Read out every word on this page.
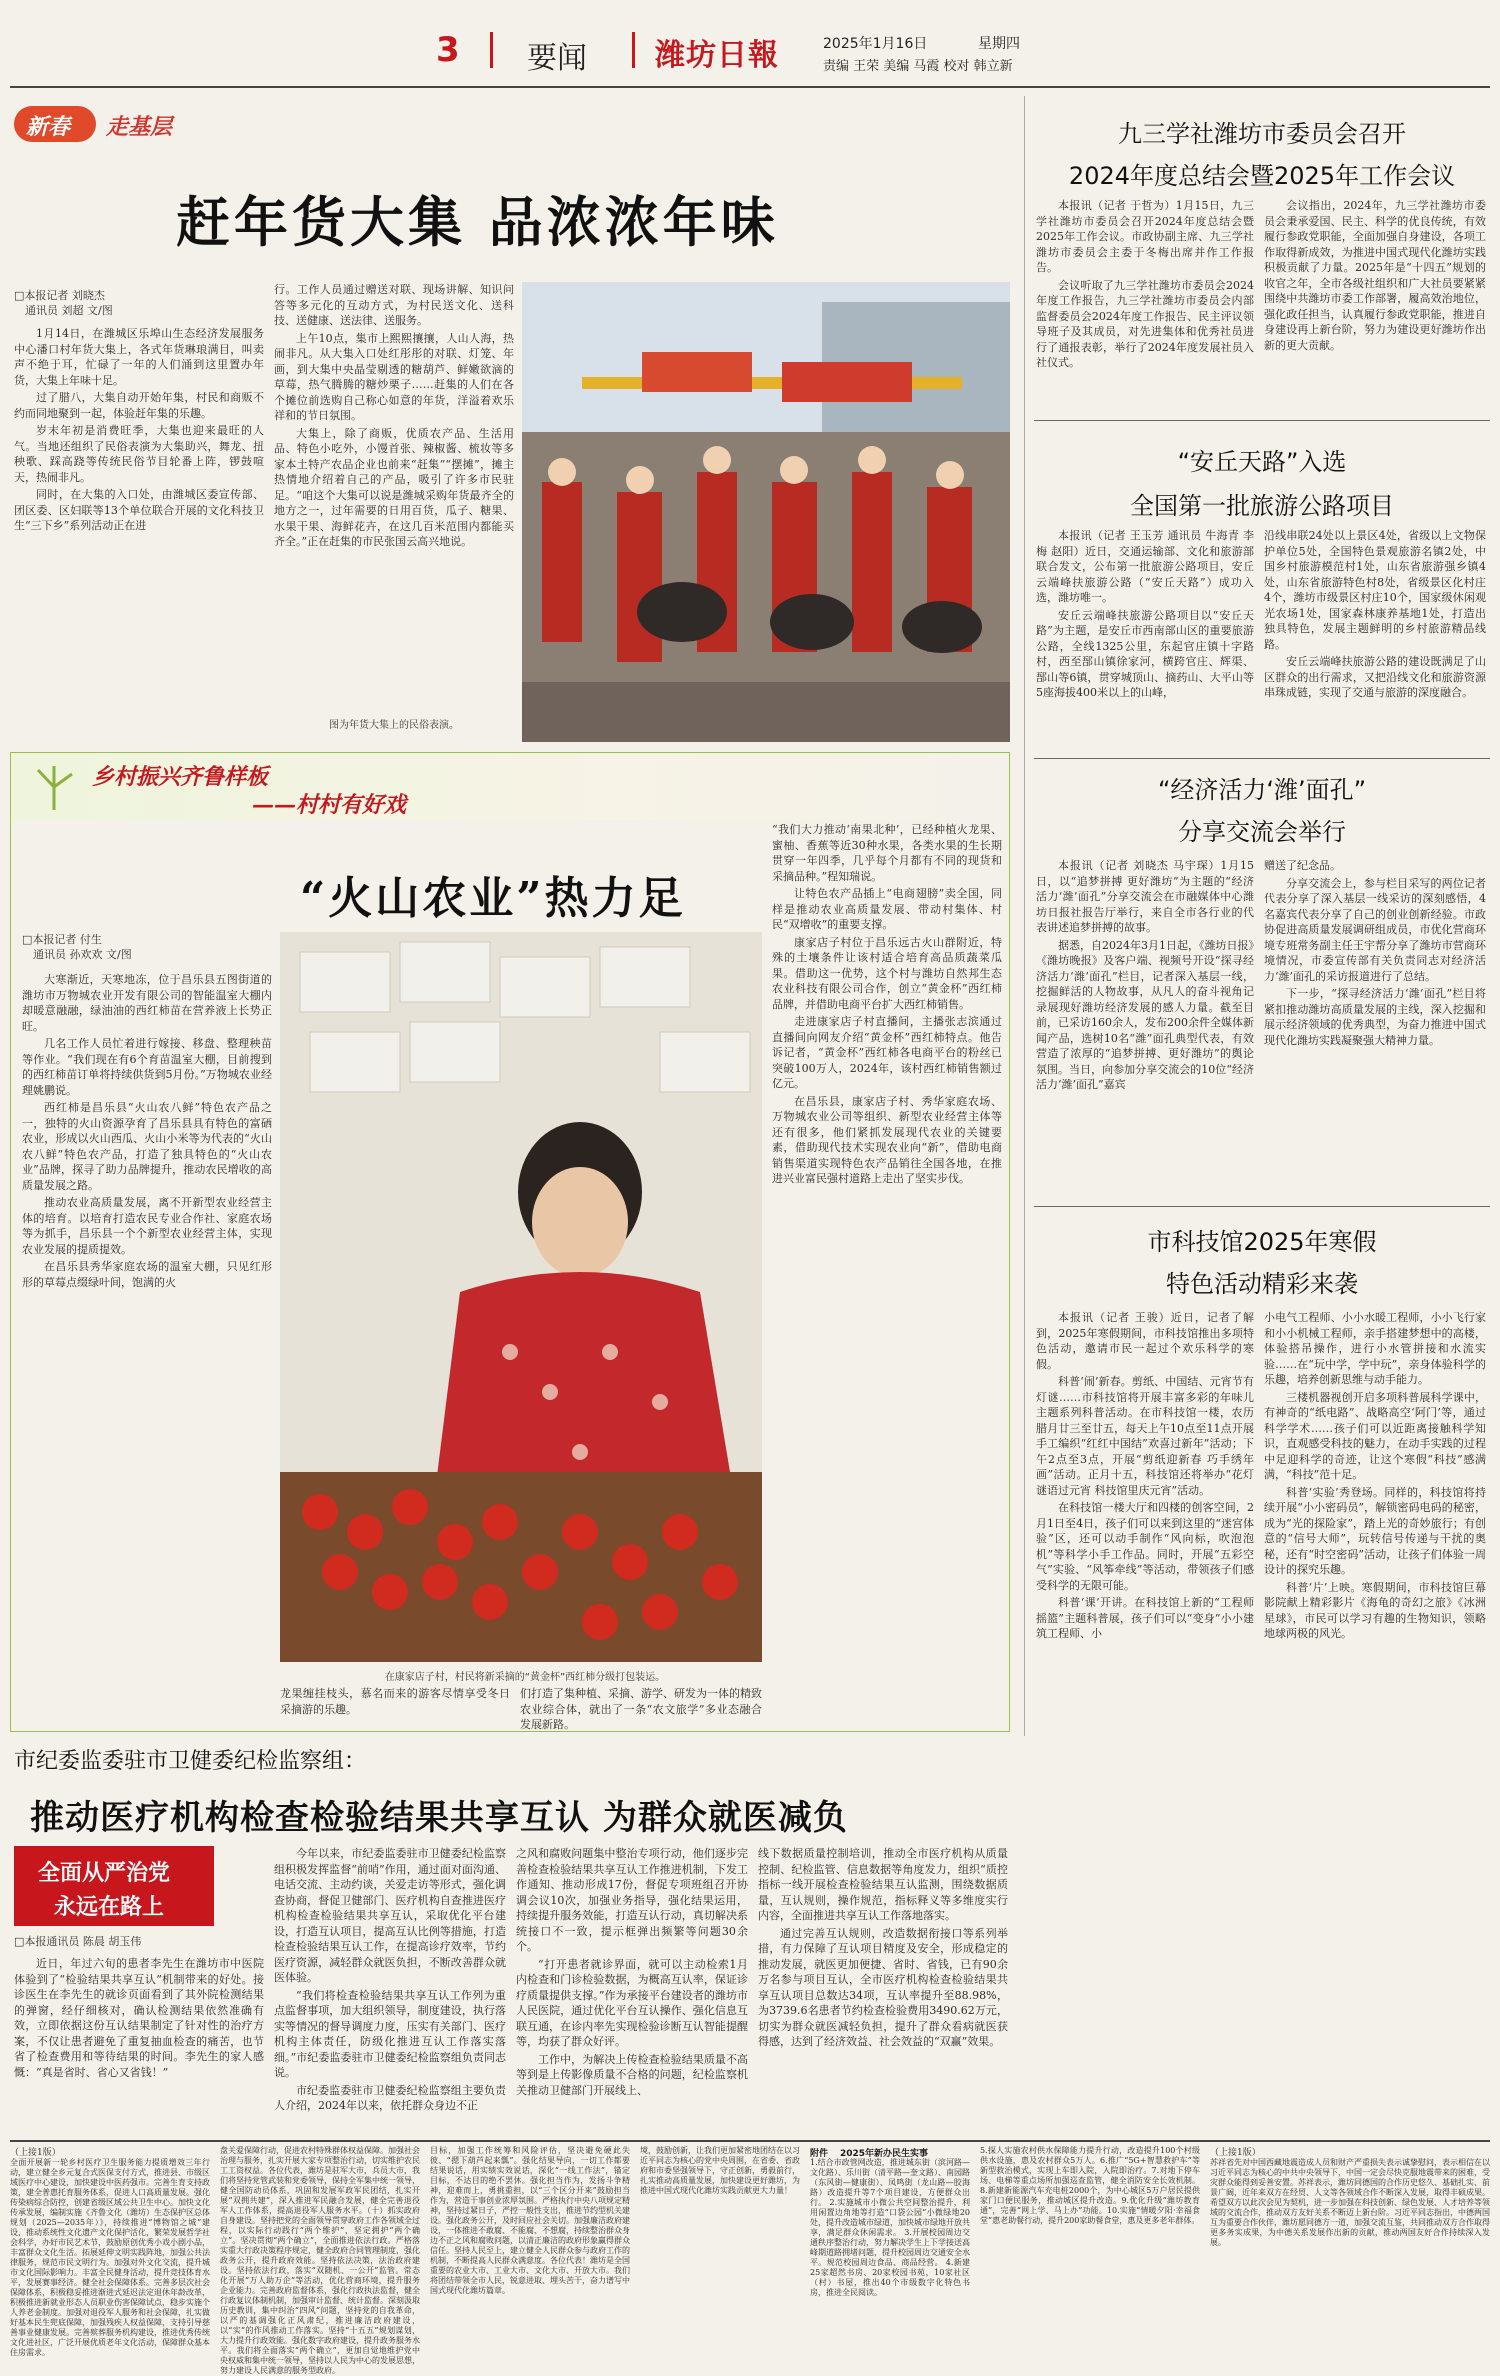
3 要闻 潍坊日報	2025年1月16日	星期四
责编 王荣 美编 马霞 校对 韩立新
新春 走基层
赶年货大集 品浓浓年味
□本报记者 刘晓杰
　通讯员 刘超 文/图

1月14日，在潍城区乐埠山生态经济发展服务中心潘口村年货大集上，各式年货琳琅满目，叫卖声不绝于耳，忙碌了一年的人们涌到这里置办年货，大集上年味十足。

过了腊八，大集自动开始年集，村民和商贩不约而同地聚到一起，体验赶年集的乐趣。

岁末年初是消费旺季，大集也迎来最旺的人气。当地还组织了民俗表演为大集助兴，舞龙、扭秧歌、踩高跷等传统民俗节目轮番上阵，锣鼓喧天，热闹非凡。

同时，在大集的入口处，由潍城区委宣传部、团区委、区妇联等13个单位联合开展的文化科技卫生“三下乡”系列活动正在进

行。工作人员通过赠送对联、现场讲解、知识问答等多元化的互动方式，为村民送文化、送科技、送健康、送法律、送服务。

上午10点，集市上熙熙攘攘，人山人海，热闹非凡。从大集入口处红彤彤的对联、灯笼、年画，到大集中央晶莹剔透的糖葫芦、鲜嫩欲滴的草莓，热气腾腾的糖炒栗子……赶集的人们在各个摊位前选购自己称心如意的年货，洋溢着欢乐祥和的节日氛围。

大集上，除了商贩，优质农产品、生活用品、特色小吃外，小馒首张、辣椒酱、梳妆等多家本土特产农品企业也前来“赶集”“摆摊”，摊主热情地介绍着自己的产品，吸引了许多市民驻足。“咱这个大集可以说是潍城采购年货最齐全的地方之一，过年需要的日用百货，瓜子、糖果、水果干果、海鲜花卉，在这几百米范围内都能买齐全。”正在赶集的市民张国云高兴地说。

图为年货大集上的民俗表演。
乡村振兴齐鲁样板
——村村有好戏
“火山农业”热力足
□本报记者 付生
　通讯员 孙欢欢 文/图

大寒渐近，天寒地冻，位于昌乐县五图街道的潍坊市万物城农业开发有限公司的智能温室大棚内却暖意融融，绿油油的西红柿苗在营养液上长势正旺。

几名工作人员忙着进行嫁接、移盘、整理秧苗等作业。“我们现在有6个育苗温室大棚，目前搜到的西红柿苗订单将持续供货到5月份。”万物城农业经理姚鹏说。

西红柿是昌乐县“火山农八鲜”特色农产品之一，独特的火山资源孕育了昌乐县具有特色的富硒农业，形成以火山西瓜、火山小米等为代表的“火山农八鲜”特色农产品，打造了独具特色的“火山农业”品牌，探寻了助力品牌提升，推动农民增收的高质量发展之路。

推动农业高质量发展，离不开新型农业经营主体的培育。以培育打造农民专业合作社、家庭农场等为抓手，昌乐县一个个新型农业经营主体，实现农业发展的提质提效。

在昌乐县秀华家庭农场的温室大棚，只见红形形的草莓点缀绿叶间，饱满的火

在康家店子村，村民将新采摘的“黄金杯”西红柿分级打包装运。

龙果缠挂枝头，慕名而来的游客尽情享受冬日采摘游的乐趣。

们打造了集种植、采摘、游学、研发为一体的精致农业综合体，就出了一条“农文旅学”多业态融合发展新路。

“我们大力推动‘南果北种’，已经种植火龙果、蜜柚、香蕉等近30种水果，各类水果的生长期贯穿一年四季，几乎每个月都有不同的现货和采摘品种。”程知瑞说。

让特色农产品插上“电商翅膀”卖全国，同样是推动农业高质量发展、带动村集体、村民“双增收”的重要支撑。

康家店子村位于昌乐远古火山群附近，特殊的土壤条件让该村适合培育高品质蔬菜瓜果。借助这一优势，这个村与潍坊自然邦生态农业科技有限公司合作，创立“黄金杯”西红柿品牌，并借助电商平台扩大西红柿销售。

走进康家店子村直播间，主播张志滨通过直播间向网友介绍“黄金杯”西红柿特点。他告诉记者，“黄金杯”西红柿各电商平台的粉丝已突破100万人，2024年，该村西红柿销售额过亿元。

在昌乐县，康家店子村、秀华家庭农场、万物城农业公司等组织、新型农业经营主体等还有很多，他们紧抓发展现代农业的关键要素，借助现代技术实现农业向“新”，借助电商销售渠道实现特色农产品销往全国各地，在推进兴业富民强村道路上走出了坚实步伐。

九三学社潍坊市委员会召开
2024年度总结会暨2025年工作会议

本报讯（记者 于哲为）1月15日，九三学社潍坊市委员会召开2024年度总结会暨2025年工作会议。市政协副主席、九三学社潍坊市委员会主委于冬梅出席并作工作报告。

会议听取了九三学社潍坊市委员会2024年度工作报告，九三学社潍坊市委员会内部监督委员会2024年度工作报告、民主评议领导班子及其成员，对先进集体和优秀社员进行了通报表彰，举行了2024年度发展社员入社仪式。

会议指出，2024年，九三学社潍坊市委员会秉承爱国、民主、科学的优良传统，有效履行参政党职能，全面加强自身建设，各项工作取得新成效，为推进中国式现代化潍坊实践积极贡献了力量。2025年是“十四五”规划的收官之年，全市各级社组织和广大社员要紧紧围绕中共潍坊市委工作部署，履高效治地位，强化政任担当，认真履行参政党职能，推进自身建设再上新台阶，努力为建设更好潍坊作出新的更大贡献。

“安丘天路”入选
全国第一批旅游公路项目

本报讯（记者 王玉芳 通讯员 牛海青 李梅 赵阳）近日，交通运输部、文化和旅游部联合发文，公布第一批旅游公路项目，安丘云端峰扶旅游公路（“安丘天路”）成功入选，潍坊唯一。

安丘云端峰扶旅游公路项目以“安丘天路”为主题，是安丘市西南部山区的重要旅游公路，全线1325公里，东起官庄镇十字路村，西至郚山镇徐家河，横跨官庄、辉渠、郚山等6镇，贯穿城顶山、摘药山、大平山等5座海拔400米以上的山峰，

沿线串联24处以上景区4处，省级以上文物保护单位5处，全国特色景观旅游名镇2处，中国乡村旅游模范村1处，山东省旅游强乡镇4处，山东省旅游特色村8处，省级景区化村庄4个，潍坊市级景区村庄10个，国家级休闲观光农场1处，国家森林康养基地1处，打造出独具特色，发展主题鲜明的乡村旅游精品线路。

安丘云端峰扶旅游公路的建设既满足了山区群众的出行需求，又把沿线文化和旅游资源串珠成链，实现了交通与旅游的深度融合。

“经济活力‘潍’面孔”
分享交流会举行

本报讯（记者 刘晓杰 马宇琛）1月15日，以“追梦拼搏 更好潍坊”为主题的“经济活力‘潍’面孔”分享交流会在市融媒体中心潍坊日报社报告厅举行，来自全市各行业的代表讲述追梦拼搏的故事。

据悉，自2024年3月1日起，《潍坊日报》《潍坊晚报》及客户端、视频号开设“探寻经济活力‘潍’面孔”栏目，记者深入基层一线，挖掘鲜活的人物故事，从凡人的奋斗视角记录展现好潍坊经济发展的感人力量。截至目前，已采访160余人，发布200余件全媒体新闻产品，选树10名“潍”面孔典型代表，有效营造了浓厚的“追梦拼搏、更好潍坊”的舆论氛围。当日，向参加分享交流会的10位“经济活力‘潍’面孔”嘉宾

赠送了纪念品。

分享交流会上，参与栏目采写的两位记者代表分享了深入基层一线采访的深刻感悟，4名嘉宾代表分享了自己的创业创新经验。市政协促进高质量发展调研组成员，市优化营商环境专班常务副主任王宇帮分享了潍坊市营商环境情况，市委宣传部有关负责同志对经济活力‘潍’面孔的采访报道进行了总结。

下一步，“探寻经济活力‘潍’面孔”栏目将紧扣推动潍坊高质量发展的主线，深入挖掘和展示经济领域的优秀典型，为奋力推进中国式现代化潍坊实践凝聚强大精神力量。

市科技馆2025年寒假
特色活动精彩来袭

本报讯（记者 王骏）近日，记者了解到，2025年寒假期间，市科技馆推出多项特色活动，邀请市民一起过个欢乐科学的寒假。

科普‘闹’新春。剪纸、中国结、元宵节有灯谜……市科技馆将开展丰富多彩的年味儿主题系列科普活动。在市科技馆一楼，农历腊月廿三至廿五，每天上午10点至11点开展手工编织“红红中国结”欢喜过新年”活动；下午2点至3点，开展“剪纸迎新春 巧手绣年画”活动。正月十五，科技馆还将举办“花灯谜语过元宵 科技馆里庆元宵”活动。

在科技馆一楼大厅和四楼的创客空间，2月1日至4日，孩子们可以来到这里的“迷宫体验”区，还可以动手制作“风向标，吹泡泡机”等科学小手工作品。同时，开展“五彩空气”实验、“风筝牵线”等活动，带领孩子们感受科学的无限可能。

科普‘课’开讲。在科技馆上新的“工程师摇篮”主题科普展，孩子们可以“变身”小小建筑工程师、小

小电气工程师、小小水暖工程师，小小飞行家和小小机械工程师，亲手搭建梦想中的高楼，体验搭吊操作，进行小水管拼接和水流实验……在“玩中学，学中玩”，亲身体验科学的乐趣，培养创新思维与动手能力。

三楼机器视创开启多项科普展科学课中，有神奇的“纸电路”、战略高空‘阿门’等，通过科学学术……孩子们可以近距离接触科学知识，直观感受科技的魅力，在动手实践的过程中足迎科学的奇迹，让这个寒假“科技”感满满，“科技”范十足。

科普‘实验’秀登场。同样的，科技馆将持续开展“小小密码员”，解锁密码电码的秘密，成为“光的探险家”，踏上光的奇妙旅行；有创意的“信号大师”，玩转信号传递与干扰的奥秘，还有“时空密码”活动，让孩子们体验一周设计的探究乐趣。

科普‘片’上映。寒假期间，市科技馆巨幕影院献上精彩影片《海龟的奇幻之旅》《冰洲星球》，市民可以学习有趣的生物知识，领略地球两极的风光。

市纪委监委驻市卫健委纪检监察组：
推动医疗机构检查检验结果共享互认 为群众就医减负
全面从严治党
永远在路上
□本报通讯员 陈晨 胡玉伟

近日，年过六旬的患者李先生在潍坊市中医院体验到了“检验结果共享互认”机制带来的好处。接诊医生在李先生的就诊页面看到了其外院检测结果的弹窗，经仔细核对，确认检测结果依然准确有效，立即依据这份互认结果制定了针对性的治疗方案，不仅让患者避免了重复抽血检查的痛苦，也节省了检查费用和等待结果的时间。李先生的家人感慨：“真是省时、省心又省钱！”

今年以来，市纪委监委驻市卫健委纪检监察组积极发挥监督“前哨”作用，通过面对面沟通、电话交流、主动约谈，关爱走访等形式，强化调查协商，督促卫健部门、医疗机构自查推进医疗机构检查检验结果共享互认，采取优化平台建设，打造互认项目，提高互认比例等措施，打造检查检验结果互认工作，在提高诊疗效率，节约医疗资源，减轻群众就医负担，不断改善群众就医体验。

“我们将检查检验结果共享互认工作列为重点监督事项，加大组织领导，制度建设，执行落实等情况的督导调度力度，压实有关部门、医疗机构主体责任，防级化推进互认工作落实落细。”市纪委监委驻市卫健委纪检监察组负责同志说。

市纪委监委驻市卫健委纪检监察组主要负责人介绍，2024年以来，依托群众身边不正

之风和腐败问题集中整治专项行动，他们逐步完善检查检验结果共享互认工作推进机制，下发工作通知、推动形成17份，督促专项班组召开协调会议10次，加强业务指导，强化结果运用，持续提升服务效能，打造互认行动，真切解决系统接口不一致，提示框弹出频繁等问题30余个。

“打开患者就诊界面，就可以主动检索1月内检查和门诊检验数据，为概高互认率，保证诊疗质量提供支撑。”作为承接平台建设者的潍坊市人民医院，通过优化平台互认操作、强化信息互联互通，在诊内率先实现检验诊断互认智能提醒等，均获了群众好评。

工作中，为解决上传检查检验结果质量不高等到是上传影像质量不合格的问题，纪检监察机关推动卫健部门开展线上、

线下数据质量控制培训，推动全市医疗机构从质量控制、纪检监管、信息数据等角度发力，组织“质控指标一线开展检查检验结果互认监测，围绕数据质量，互认规则，操作规范，指标释义等多维度实行内容，全面推进共享互认工作落地落实。

通过完善互认规则，改造数据衔接口等系列举措，有力保障了互认项目精度及安全，形成稳定的推动发展，就医更加便捷、省时、省钱，已有90余万名参与项目互认，全市医疗机构检查检验结果共享互认项目总数达34项，互认率提升至88.98%，为3739.6名患者节约检查检验费用3490.62万元，切实为群众就医减轻负担，提升了群众看病就医获得感，达到了经济效益、社会效益的“双赢”效果。

（上接1版）
全面开展新一轮乡村医疗卫生服务能力提质增效三年行动，建立健全乡元复合式医保支付方式，推进县、市级区域医疗中心建设，加快建设中医药强市。完善生育支持政策，建全普惠托育服务体系，促进人口高质量发展。强化传染病综合防控，创建省级区域公共卫生中心。加快文化传承发展，编制实施《齐鲁文化（潍坊）生态保护区总体规划（2025—2035年）》，持续推进“博物馆之城”建设，推动系统性文化遗产文化保护活化，繁荣发展哲学社会科学，办好市民艺术节，鼓励原创优秀小戏小剧小品，丰富群众文化生活。拓展延伸文明实践阵地，加强公共法律服务，规范市民文明行为。加强对外文化交流，提升城市文化国际影响力。丰富全民健身活动，提升竞技体育水平，发展赛事经济。健全社会保障体系。完善多层次社会保障体系，积极稳妥推进渐进式延迟法定退休年龄改革，积极推进新就业形态人员职业伤害保障试点，稳步实施个人养老金制度。加强对退役军人服务和社会保障，扎实做好基本民生兜底保障，加强残疾人权益保障，支持引导慈善事业健康发展。完善殡葬服务机构建设，推进优秀传统文化进社区，广泛开展优质老年文化活动，保障群众基本住房需求。
盘关爱保障行动，促进农村特殊群体权益保障。加强社会治理与服务，扎实开展大家专项整治行动，切实维护农民工工资权益。各位代表，潍坊是驻军大市，兵员大市，我们将坚持党管武装和党委领导，保持全军集中统一领导，健全国防动员体系，巩固和发展军政军民团结，扎实开展“双拥共建”，深入推进军民融合发展，健全完善退役军人工作体系，提高退役军人服务水平。（十）抓实政府自身建设。坚持把党的全面领导贯穿政府工作各领域全过程，以实际行动践行“两个维护”，坚定拥护“两个确立”。坚决贯彻“两个确立”，全面推进依法行政。严格落实重大行政决策程序规定，健全政府合同管理制度，强化政务公开，提升政府效能。坚持依法决策，法治政府建设。坚持依法行政，落实“双随机、一公开”监管。常态化开展“万人助万企”等活动，优化营商环境，提升服务企业能力。完善政府监督体系，强化行政执法监督，健全行政复议体制机制，加强审计监督、统计监督。深刻汲取历史教训，集中纠治“四风”问题，坚持党的自我革命，以严的基调强化正风肃纪，推进廉洁政府建设，以“实”的作风推动工作落实。坚持“十五五”规划谋划，大力提升行政效能。强化数字政府建设，提升政务服务水平。我们将全面落实“两个确立”，更加自觉地维护党中央权威和集中统一领导，坚持以人民为中心的发展思想，努力建设人民满意的服务型政府。
目标，加强工作统筹和风险评估，坚决避免硬此失彼、“摁下葫芦起来瓢”。强化结果导向，一切工作都要结果说话，用实绩实效说话，深化“一线工作法”，锚定目标，不达目的绝不罢休。强化担当作为，发扬斗争精神，迎难而上，勇挑重担，以“三个区分开来”鼓励担当作为，营造干事创业浓厚氛围。严格执行中央八项规定精神，坚持过紧日子，严控一般性支出，推进节约型机关建设。强化政务公开，及时回应社会关切。加强廉洁政府建设，一体推进不敢腐、不能腐、不想腐，持续整治群众身边不正之风和腐败问题，以清正廉洁的政府形象赢得群众信任。坚持人民至上，建立健全人民群众参与政府工作的机制，不断提高人民群众满意度。各位代表！潍坊是全国重要的农业大市、工业大市、文化大市、开放大市。我们将团结带领全市人民，锐意进取、埋头苦干，奋力谱写中国式现代化潍坊篇章。
境，鼓励创新，让我们更加紧密地团结在以习近平同志为核心的党中央周围，在省委、省政府和市委坚强领导下，守正创新，勇毅前行，扎实推动高质量发展，加快建设更好潍坊，为推进中国式现代化潍坊实践贡献更大力量！
附件 2025年新办民生实事
1.结合市政管网改造，推进城东街（滨河路—文化路）、乐川街（清平路—奎文路）、南园路（东风街—健康街）、凤鸣街（龙山路—胶海路）改造提升等7个项目建设，方便群众出行。 2.实施城市小微公共空间整治提升，利用闲置边角地等打造“口袋公园”小微绿地20处，提升改造城市绿道，加快城市绿地开放共享，满足群众休闲需求。 3.开展校园周边交通秩序整治行动，努力解决学生上下学接送高峰期道路拥堵问题，提升校园周边交通安全水平。规范校园周边食品、商品经营。 4.新建25家超然书房、20家校园书苑，10家社区（村）书屋，推出40个市级数字化特色书房，推进全民阅读。
5.探人实施农村供水保障能力提升行动，改造提升100个村级供水设施，惠及农村群众5万人。6.推广“5G+智慧救护车”等新型救治模式，实现上车即入院，入院即治疗。7.对地下停车场、电梯等重点场所加强巡查监管，健全消防安全长效机制。8.新建新能源汽车充电桩2000个，为中心城区5万户居民提供家门口便民服务，推动城区提升改造。9.优化升级“潍坊教育通”，完善“网上学、马上办”功能。10.实施“情暖夕阳·幸福食堂”惠老助餐行动，提升200家助餐食堂，惠及更多老年群体。
（上接1版）
苏祥省先对中国西藏地震造成人员和财产严重损失表示诚挚慰问，表示相信在以习近平同志为核心的中共中央领导下，中国一定会尽快克服地震带来的困难，受灾群众能得到妥善安置。苏祥表示，潍坊同德国的合作历史悠久、基础扎实、前景广阔，近年来双方在经贸、人文等各领域合作不断深入发展，取得丰硕成果。希望双方以此次会见为契机，进一步加强在科技创新、绿色发展、人才培养等领域的交流合作，推动双方友好关系不断迈上新台阶。习近平同志指出，中德两国互为重要合作伙伴，潍坊愿同德方一道，加强交流互鉴，共同推动双方合作取得更多务实成果，为中德关系发展作出新的贡献，推动两国友好合作持续深入发展。
